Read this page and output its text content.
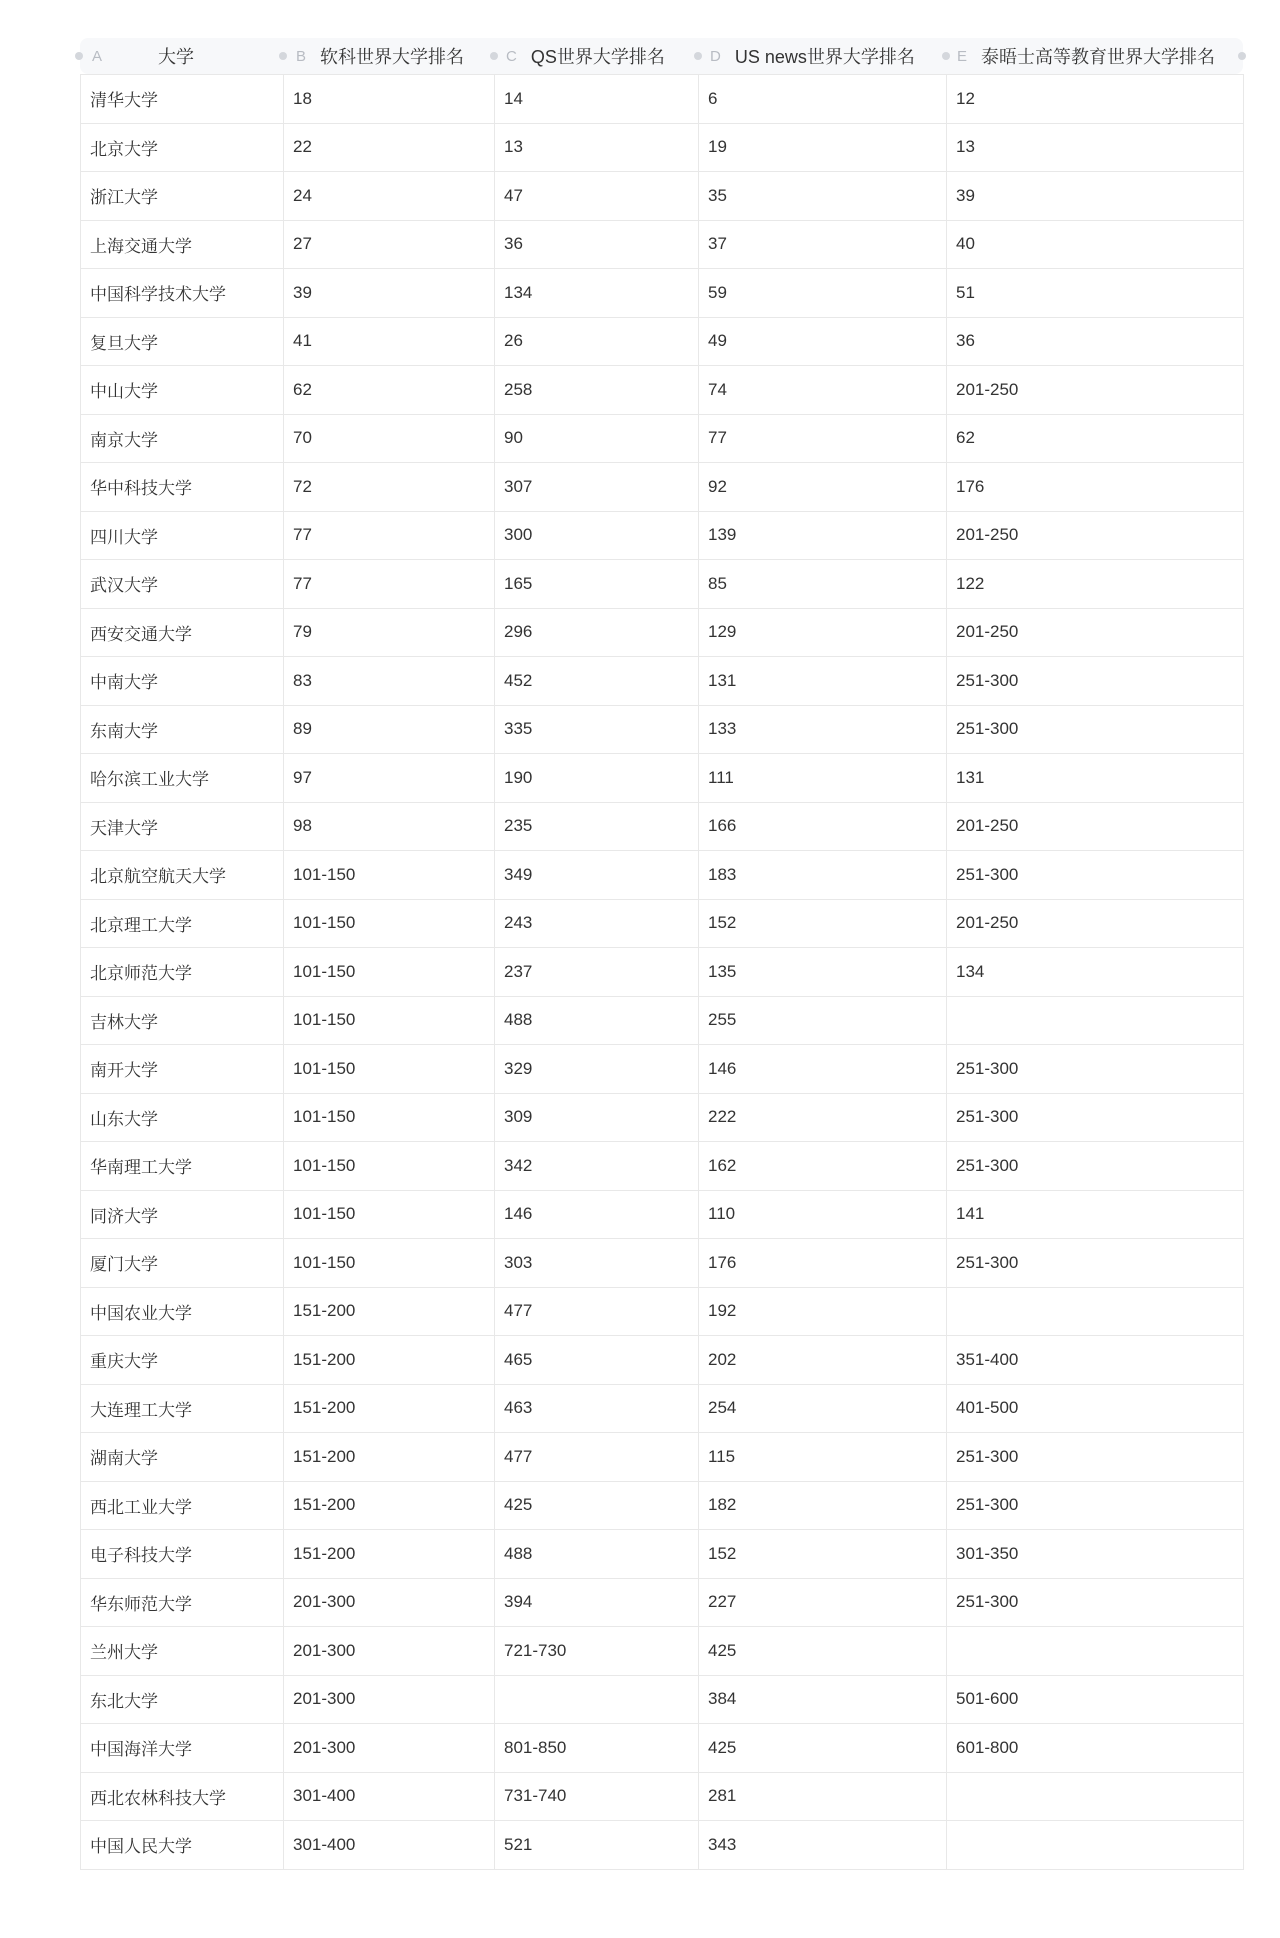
A	大学	B 软科世界大学排名	C QS世界大学排名	D US news世界大学排名	E 泰晤士高等教育世界大学排名
清华大学	18	14	6	12
北京大学	22	13	19	13
浙江大学	24	47	35	39
上海交通大学	27	36	37	40
中国科学技术大学	39	134	59	51
复旦大学	41	26	49	36
中山大学	62	258	74	201-250
南京大学	70	90	77	62
华中科技大学	72	307	92	176
四川大学	77	300	139	201-250
武汉大学	77	165	85	122
西安交通大学	79	296	129	201-250
中南大学	83	452	131	251-300
东南大学	89	335	133	251-300
哈尔滨工业大学	97	190	111	131
天津大学	98	235	166	201-250
北京航空航天大学	101-150	349	183	251-300
北京理工大学	101-150	243	152	201-250
北京师范大学	101-150	237	135	134
吉林大学	101-150	488	255	
南开大学	101-150	329	146	251-300
山东大学	101-150	309	222	251-300
华南理工大学	101-150	342	162	251-300
同济大学	101-150	146	110	141
厦门大学	101-150	303	176	251-300
中国农业大学	151-200	477	192	
重庆大学	151-200	465	202	351-400
大连理工大学	151-200	463	254	401-500
湖南大学	151-200	477	115	251-300
西北工业大学	151-200	425	182	251-300
电子科技大学	151-200	488	152	301-350
华东师范大学	201-300	394	227	251-300
兰州大学	201-300	721-730	425	
东北大学	201-300		384	501-600
中国海洋大学	201-300	801-850	425	601-800
西北农林科技大学	301-400	731-740	281	
中国人民大学	301-400	521	343	
